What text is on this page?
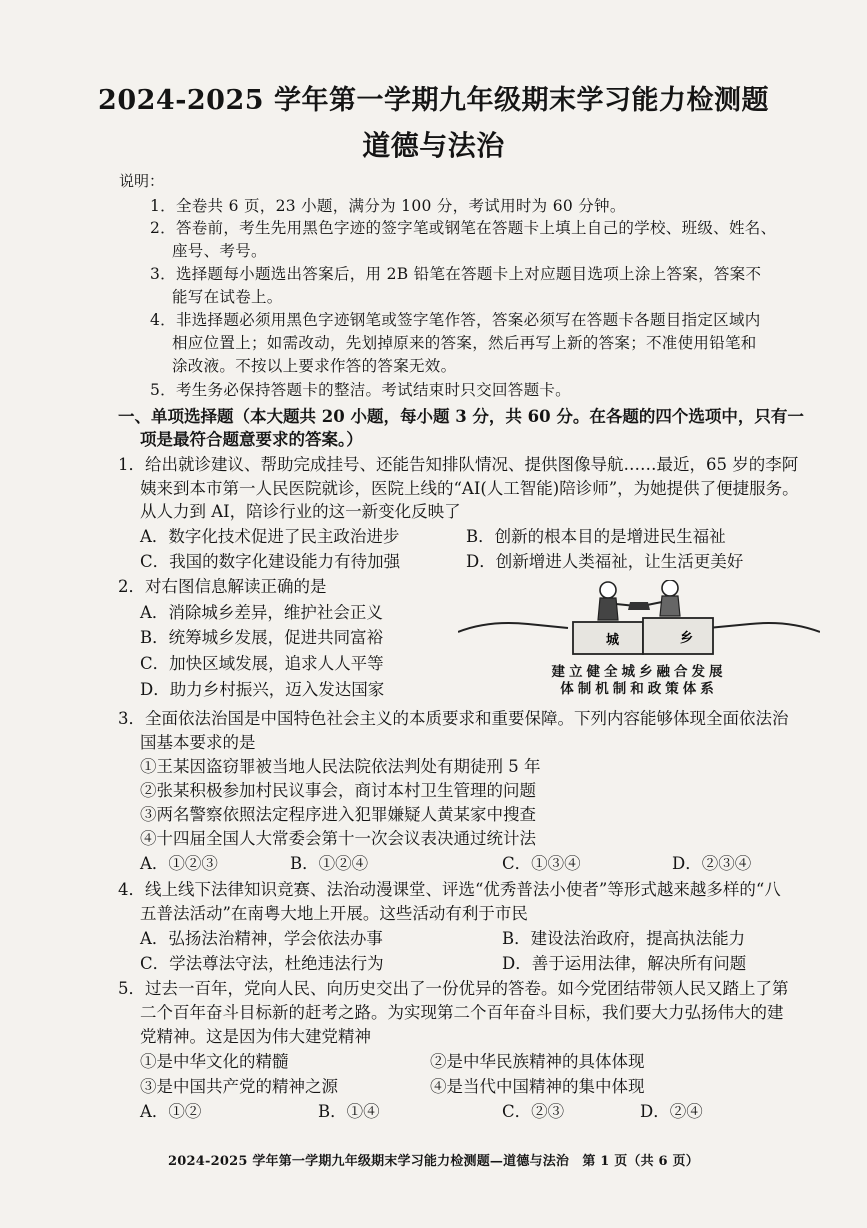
2024-2025 学年第一学期九年级期末学习能力检测题
道德与法治
说明：
1．全卷共 6 页，23 小题，满分为 100 分，考试用时为 60 分钟。
2．答卷前，考生先用黑色字迹的签字笔或钢笔在答题卡上填上自己的学校、班级、姓名、
座号、考号。
3．选择题每小题选出答案后，用 2B 铅笔在答题卡上对应题目选项上涂上答案，答案不
能写在试卷上。
4．非选择题必须用黑色字迹钢笔或签字笔作答，答案必须写在答题卡各题目指定区域内
相应位置上；如需改动，先划掉原来的答案，然后再写上新的答案；不准使用铅笔和
涂改液。不按以上要求作答的答案无效。
5．考生务必保持答题卡的整洁。考试结束时只交回答题卡。
一、单项选择题（本大题共 20 小题，每小题 3 分，共 60 分。在各题的四个选项中，只有一
项是最符合题意要求的答案。）
1．给出就诊建议、帮助完成挂号、还能告知排队情况、提供图像导航……最近，65 岁的李阿
姨来到本市第一人民医院就诊，医院上线的“AI(人工智能)陪诊师”，为她提供了便捷服务。
从人力到 AI，陪诊行业的这一新变化反映了
A．数字化技术促进了民主政治进步	B．创新的根本目的是增进民生福祉
C．我国的数字化建设能力有待加强	D．创新增进人类福祉，让生活更美好
2．对右图信息解读正确的是
A．消除城乡差异，维护社会正义
B．统筹城乡发展，促进共同富裕
C．加快区域发展，追求人人平等
D．助力乡村振兴，迈入发达国家
城	乡
建立健全城乡融合发展
体制机制和政策体系
3．全面依法治国是中国特色社会主义的本质要求和重要保障。下列内容能够体现全面依法治
国基本要求的是
①王某因盗窃罪被当地人民法院依法判处有期徒刑 5 年
②张某积极参加村民议事会，商讨本村卫生管理的问题
③两名警察依照法定程序进入犯罪嫌疑人黄某家中搜查
④十四届全国人大常委会第十一次会议表决通过统计法
A．①②③	B．①②④	C．①③④	D．②③④
4．线上线下法律知识竞赛、法治动漫课堂、评选“优秀普法小使者”等形式越来越多样的“八
五普法活动”在南粤大地上开展。这些活动有利于市民
A．弘扬法治精神，学会依法办事	B．建设法治政府，提高执法能力
C．学法尊法守法，杜绝违法行为	D．善于运用法律，解决所有问题
5．过去一百年，党向人民、向历史交出了一份优异的答卷。如今党团结带领人民又踏上了第
二个百年奋斗目标新的赶考之路。为实现第二个百年奋斗目标，我们要大力弘扬伟大的建
党精神。这是因为伟大建党精神
①是中华文化的精髓	②是中华民族精神的具体体现
③是中国共产党的精神之源	④是当代中国精神的集中体现
A．①②	B．①④	C．②③	D．②④
2024-2025 学年第一学期九年级期末学习能力检测题—道德与法治　第 1 页（共 6 页）
